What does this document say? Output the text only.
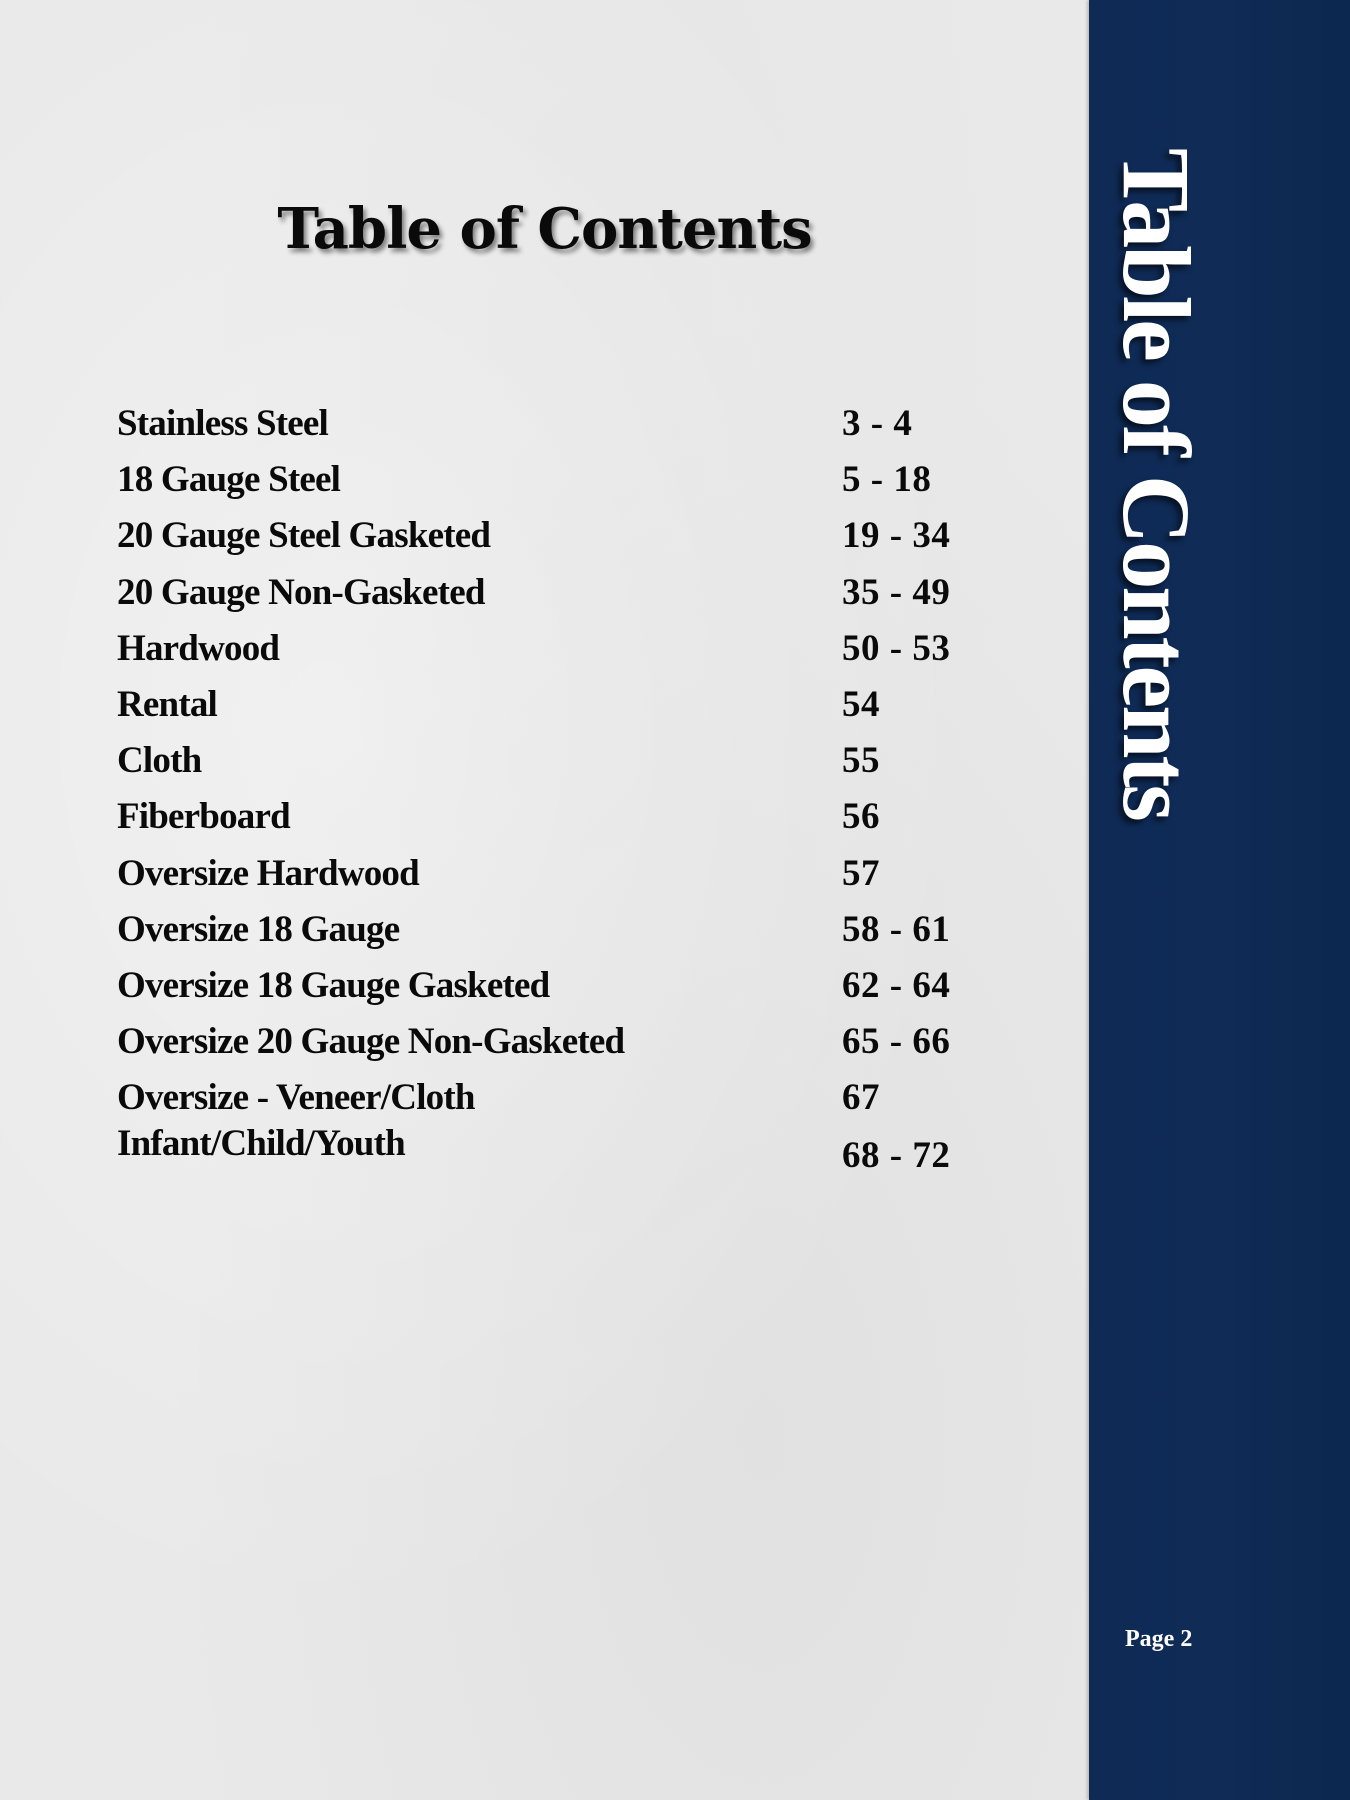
Table of Contents
Stainless Steel	3 - 4
18 Gauge Steel	5 - 18
20 Gauge Steel Gasketed	19 - 34
20 Gauge Non-Gasketed	35 - 49
Hardwood	50 - 53
Rental	54
Cloth	55
Fiberboard	56
Oversize Hardwood	57
Oversize 18 Gauge	58 - 61
Oversize 18 Gauge Gasketed	62 - 64
Oversize 20 Gauge Non-Gasketed	65 - 66
Oversize - Veneer/Cloth	67
Infant/Child/Youth	68 - 72
Table of Contents
Page 2
